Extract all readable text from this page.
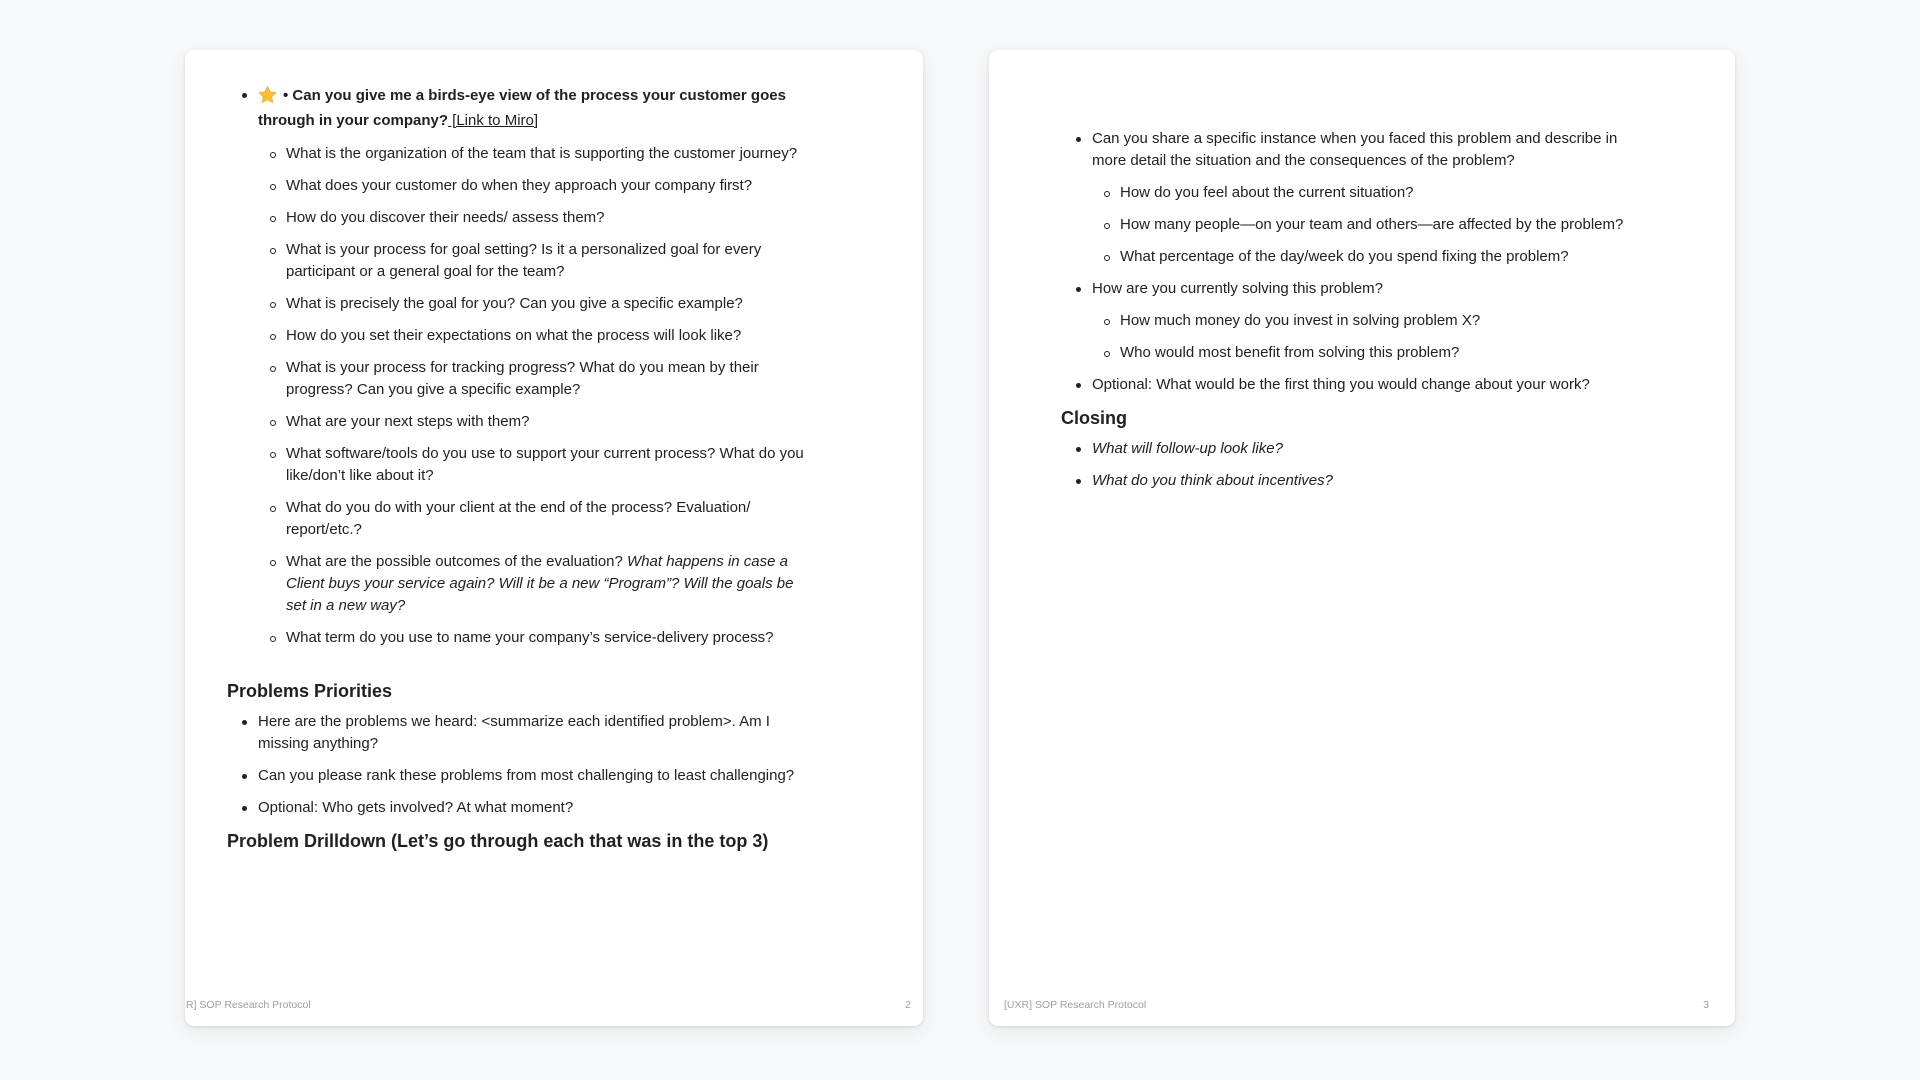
• Can you give me a birds-eye view of the process your customer goes through in your company? [Link to Miro]
What is the organization of the team that is supporting the customer journey?
What does your customer do when they approach your company first?
How do you discover their needs/ assess them?
What is your process for goal setting? Is it a personalized goal for every participant or a general goal for the team?
What is precisely the goal for you? Can you give a specific example?
How do you set their expectations on what the process will look like?
What is your process for tracking progress? What do you mean by their progress? Can you give a specific example?
What are your next steps with them?
What software/tools do you use to support your current process? What do you like/don’t like about it?
What do you do with your client at the end of the process? Evaluation/ report/etc.?
What are the possible outcomes of the evaluation? What happens in case a Client buys your service again? Will it be a new “Program”? Will the goals be set in a new way?
What term do you use to name your company’s service-delivery process?
Problems Priorities
Here are the problems we heard: <summarize each identified problem>. Am I missing anything?
Can you please rank these problems from most challenging to least challenging?
Optional: Who gets involved? At what moment?
Problem Drilldown (Let’s go through each that was in the top 3)
R] SOP Research Protocol	2
Can you share a specific instance when you faced this problem and describe in more detail the situation and the consequences of the problem?
How do you feel about the current situation?
How many people—on your team and others—are affected by the problem?
What percentage of the day/week do you spend fixing the problem?
How are you currently solving this problem?
How much money do you invest in solving problem X?
Who would most benefit from solving this problem?
Optional: What would be the first thing you would change about your work?
Closing
What will follow-up look like?
What do you think about incentives?
[UXR] SOP Research Protocol	3
